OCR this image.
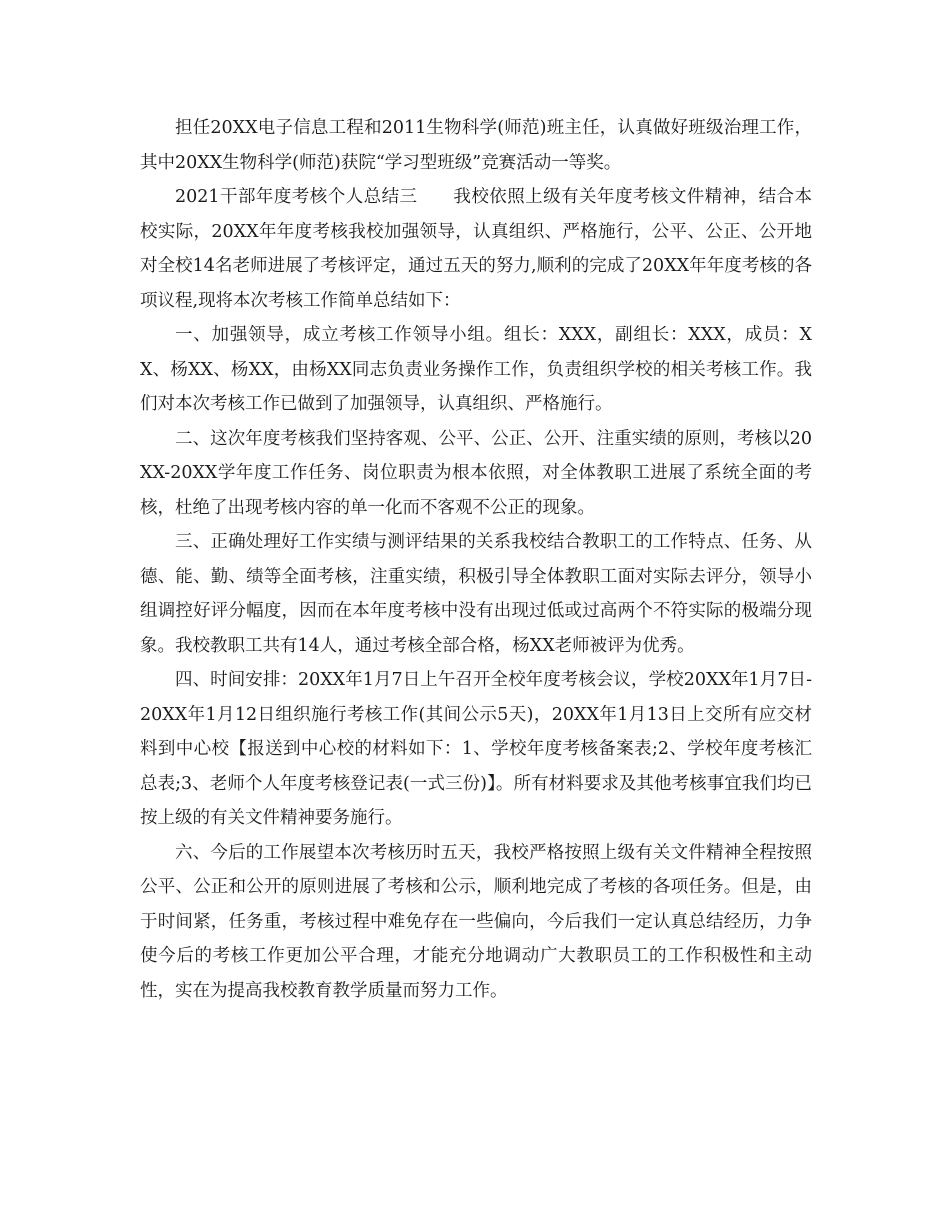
担任20XX电子信息工程和2011生物科学(师范)班主任，认真做好班级治理工作，其中20XX生物科学(师范)获院“学习型班级”竞赛活动一等奖。

2021干部年度考核个人总结三　　我校依照上级有关年度考核文件精神，结合本校实际，20XX年年度考核我校加强领导，认真组织、严格施行，公平、公正、公开地对全校14名老师进展了考核评定，通过五天的努力,顺利的完成了20XX年年度考核的各项议程,现将本次考核工作简单总结如下：

一、加强领导，成立考核工作领导小组。组长：XXX，副组长：XXX，成员：XX、杨XX、杨XX，由杨XX同志负责业务操作工作，负责组织学校的相关考核工作。我们对本次考核工作已做到了加强领导，认真组织、严格施行。

二、这次年度考核我们坚持客观、公平、公正、公开、注重实绩的原则，考核以20XX-20XX学年度工作任务、岗位职责为根本依照，对全体教职工进展了系统全面的考核，杜绝了出现考核内容的单一化而不客观不公正的现象。

三、正确处理好工作实绩与测评结果的关系我校结合教职工的工作特点、任务、从德、能、勤、绩等全面考核，注重实绩，积极引导全体教职工面对实际去评分，领导小组调控好评分幅度，因而在本年度考核中没有出现过低或过高两个不符实际的极端分现象。我校教职工共有14人，通过考核全部合格，杨XX老师被评为优秀。

四、时间安排：20XX年1月7日上午召开全校年度考核会议，学校20XX年1月7日-20XX年1月12日组织施行考核工作(其间公示5天)，20XX年1月13日上交所有应交材料到中心校【报送到中心校的材料如下：1、学校年度考核备案表;2、学校年度考核汇总表;3、老师个人年度考核登记表(一式三份)】。所有材料要求及其他考核事宜我们均已按上级的有关文件精神要务施行。

六、今后的工作展望本次考核历时五天，我校严格按照上级有关文件精神全程按照公平、公正和公开的原则进展了考核和公示，顺利地完成了考核的各项任务。但是，由于时间紧，任务重，考核过程中难免存在一些偏向，今后我们一定认真总结经历，力争使今后的考核工作更加公平合理，才能充分地调动广大教职员工的工作积极性和主动性，实在为提高我校教育教学质量而努力工作。
